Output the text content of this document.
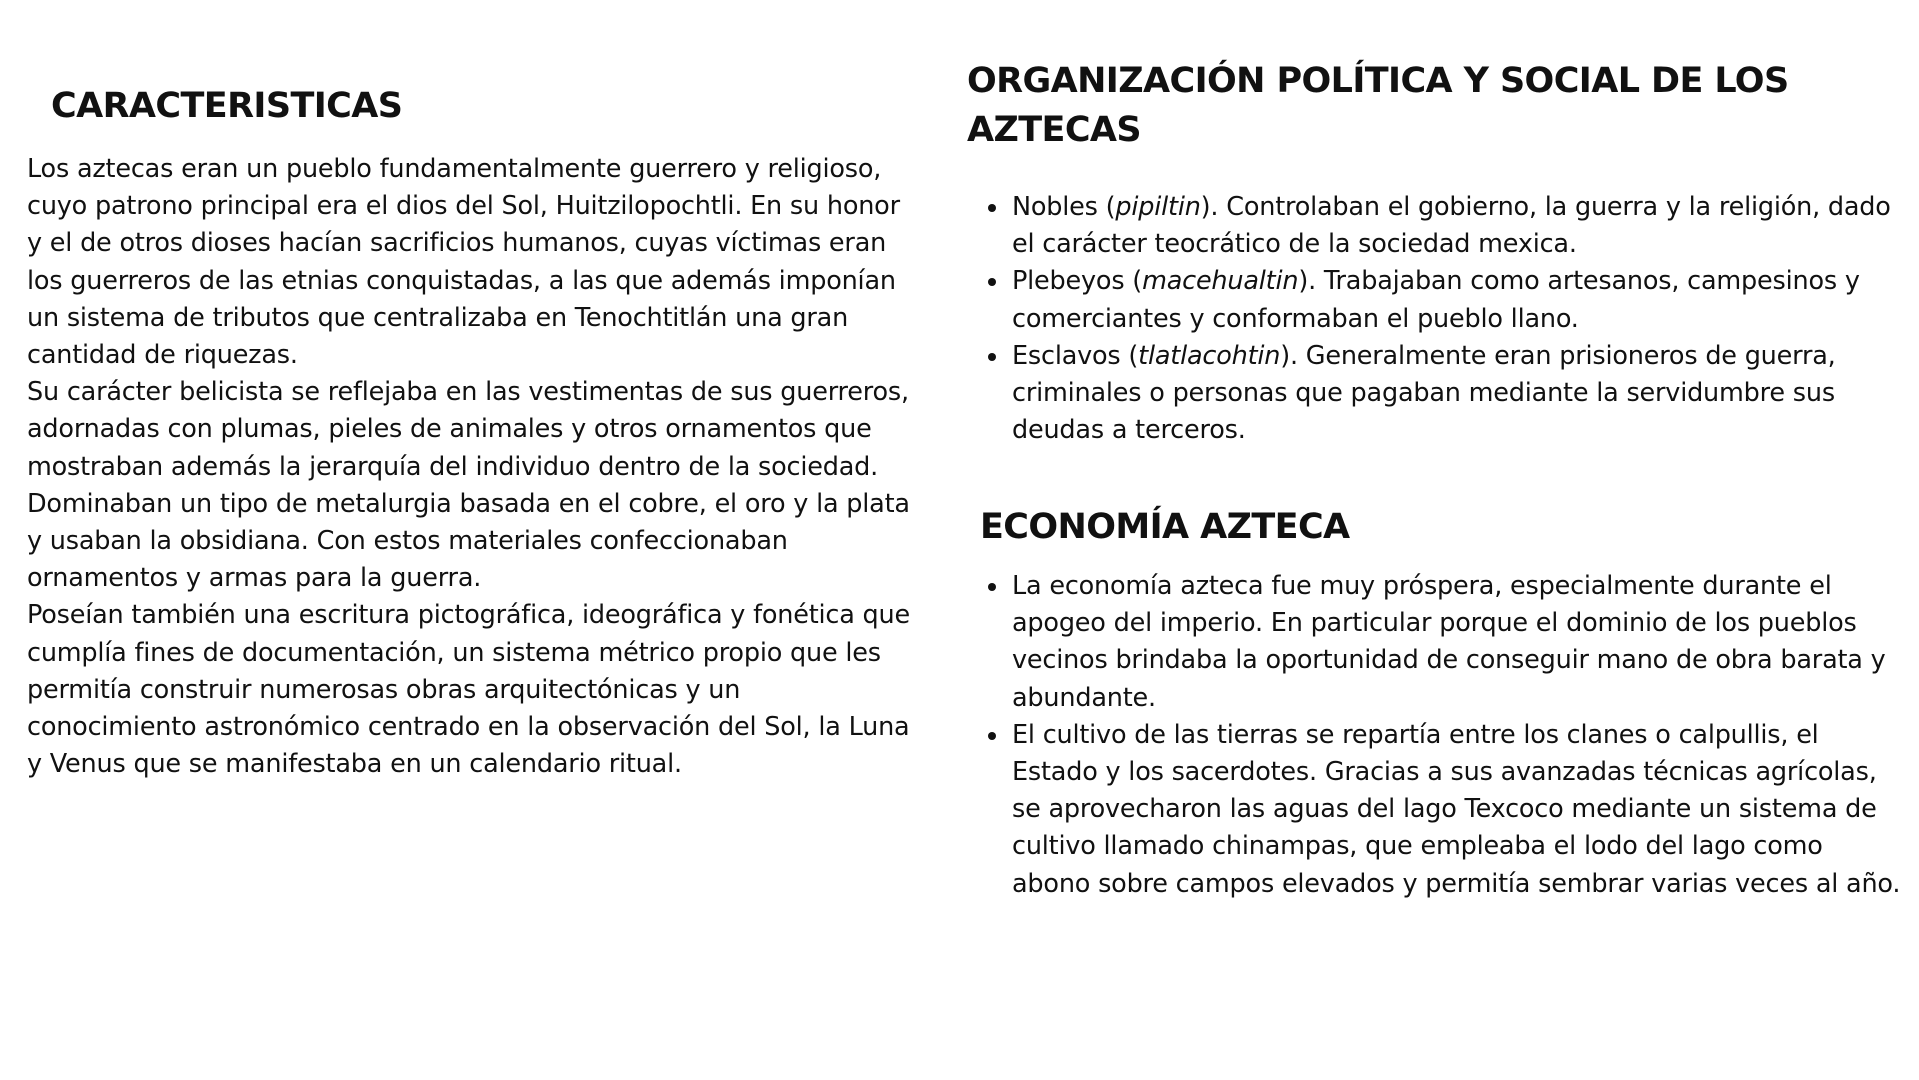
CARACTERISTICAS

Los aztecas eran un pueblo fundamentalmente guerrero y religioso, cuyo patrono principal era el dios del Sol, Huitzilopochtli. En su honor y el de otros dioses hacían sacrificios humanos, cuyas víctimas eran los guerreros de las etnias conquistadas, a las que además imponían un sistema de tributos que centralizaba en Tenochtitlán una gran cantidad de riquezas.

Su carácter belicista se reflejaba en las vestimentas de sus guerreros, adornadas con plumas, pieles de animales y otros ornamentos que mostraban además la jerarquía del individuo dentro de la sociedad. Dominaban un tipo de metalurgia basada en el cobre, el oro y la plata y usaban la obsidiana. Con estos materiales confeccionaban ornamentos y armas para la guerra.

Poseían también una escritura pictográfica, ideográfica y fonética que cumplía fines de documentación, un sistema métrico propio que les permitía construir numerosas obras arquitectónicas y un conocimiento astronómico centrado en la observación del Sol, la Luna y Venus que se manifestaba en un calendario ritual.

ORGANIZACIÓN POLÍTICA Y SOCIAL DE LOS AZTECAS
Nobles (pipiltin). Controlaban el gobierno, la guerra y la religión, dado el carácter teocrático de la sociedad mexica.
Plebeyos (macehualtin). Trabajaban como artesanos, campesinos y comerciantes y conformaban el pueblo llano.
Esclavos (tlatlacohtin). Generalmente eran prisioneros de guerra, criminales o personas que pagaban mediante la servidumbre sus deudas a terceros.
ECONOMÍA AZTECA
La economía azteca fue muy próspera, especialmente durante el apogeo del imperio. En particular porque el dominio de los pueblos vecinos brindaba la oportunidad de conseguir mano de obra barata y abundante.
El cultivo de las tierras se repartía entre los clanes o calpullis, el Estado y los sacerdotes. Gracias a sus avanzadas técnicas agrícolas, se aprovecharon las aguas del lago Texcoco mediante un sistema de cultivo llamado chinampas, que empleaba el lodo del lago como abono sobre campos elevados y permitía sembrar varias veces al año.
